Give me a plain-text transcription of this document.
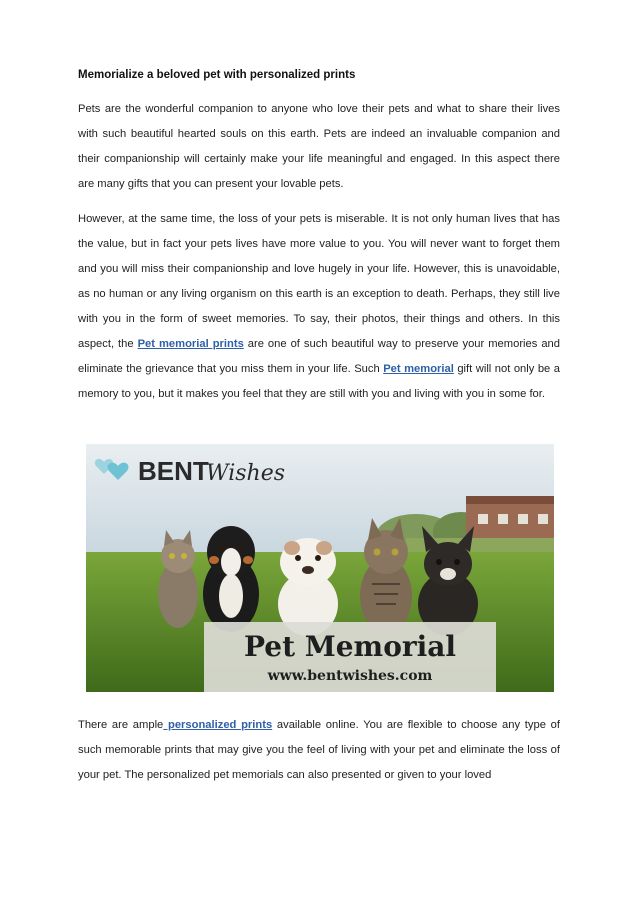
Memorialize a beloved pet with personalized prints

Pets are the wonderful companion to anyone who love their pets and what to share their lives with such beautiful hearted souls on this earth. Pets are indeed an invaluable companion and their companionship will certainly make your life meaningful and engaged. In this aspect there are many gifts that you can present your lovable pets.

However, at the same time, the loss of your pets is miserable. It is not only human lives that has the value, but in fact your pets lives have more value to you. You will never want to forget them and you will miss their companionship and love hugely in your life. However, this is unavoidable, as no human or any living organism on this earth is an exception to death. Perhaps, they still live with you in the form of sweet memories. To say, their photos, their things and others. In this aspect, the Pet memorial prints are one of such beautiful way to preserve your memories and eliminate the grievance that you miss them in your life. Such Pet memorial gift will not only be a memory to you, but it makes you feel that they are still with you and living with you in some for.

BENT
Wishes
Pet Memorial
www.bentwishes.com

There are ample personalized prints available online. You are flexible to choose any type of such memorable prints that may give you the feel of living with your pet and eliminate the loss of your pet. The personalized pet memorials can also presented or given to your loved
